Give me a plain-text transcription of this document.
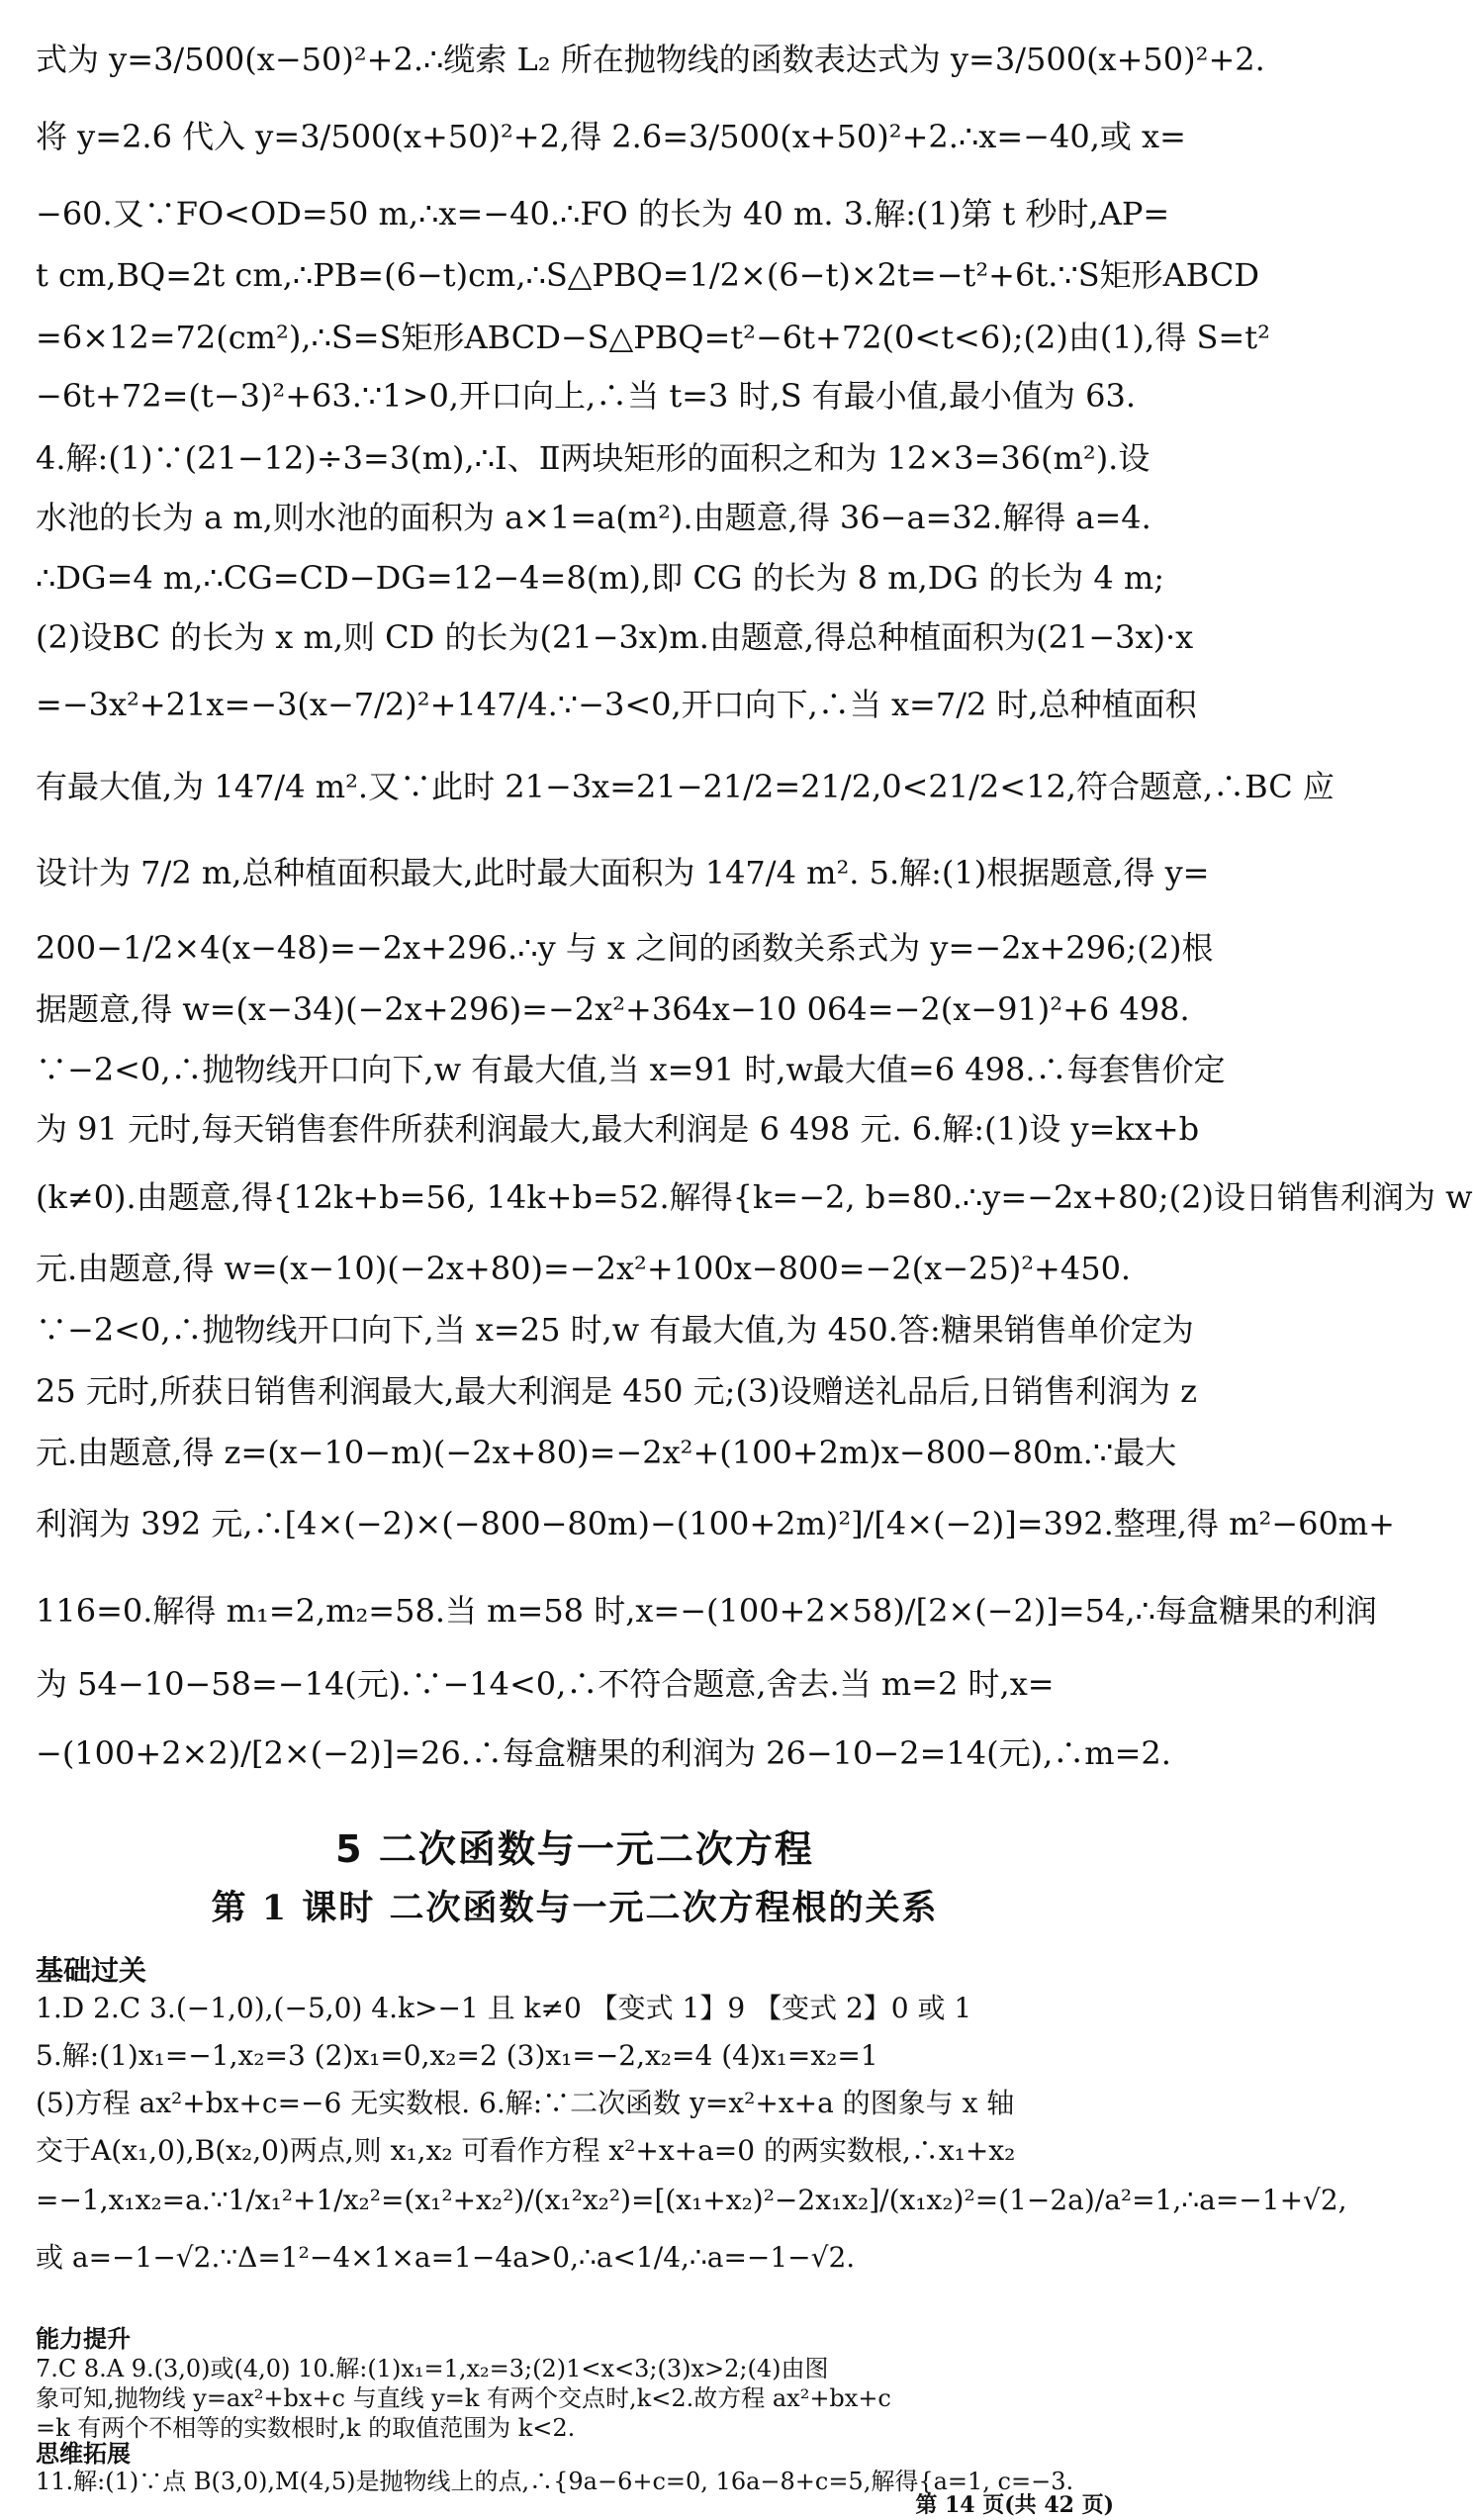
式为 y=3/500(x−50)²+2.∴缆索 L₂ 所在抛物线的函数表达式为 y=3/500(x+50)²+2.
将 y=2.6 代入 y=3/500(x+50)²+2,得 2.6=3/500(x+50)²+2.∴x=−40,或 x=
−60.又∵FO<OD=50 m,∴x=−40.∴FO 的长为 40 m. 3.解:(1)第 t 秒时,AP=
t cm,BQ=2t cm,∴PB=(6−t)cm,∴S△PBQ=1/2×(6−t)×2t=−t²+6t.∵S矩形ABCD
=6×12=72(cm²),∴S=S矩形ABCD−S△PBQ=t²−6t+72(0<t<6);(2)由(1),得 S=t²
−6t+72=(t−3)²+63.∵1>0,开口向上,∴当 t=3 时,S 有最小值,最小值为 63.
4.解:(1)∵(21−12)÷3=3(m),∴Ⅰ、Ⅱ两块矩形的面积之和为 12×3=36(m²).设
水池的长为 a m,则水池的面积为 a×1=a(m²).由题意,得 36−a=32.解得 a=4.
∴DG=4 m,∴CG=CD−DG=12−4=8(m),即 CG 的长为 8 m,DG 的长为 4 m;
(2)设BC 的长为 x m,则 CD 的长为(21−3x)m.由题意,得总种植面积为(21−3x)·x
=−3x²+21x=−3(x−7/2)²+147/4.∵−3<0,开口向下,∴当 x=7/2 时,总种植面积
有最大值,为 147/4 m².又∵此时 21−3x=21−21/2=21/2,0<21/2<12,符合题意,∴BC 应
设计为 7/2 m,总种植面积最大,此时最大面积为 147/4 m². 5.解:(1)根据题意,得 y=
200−1/2×4(x−48)=−2x+296.∴y 与 x 之间的函数关系式为 y=−2x+296;(2)根
据题意,得 w=(x−34)(−2x+296)=−2x²+364x−10 064=−2(x−91)²+6 498.
∵−2<0,∴抛物线开口向下,w 有最大值,当 x=91 时,w最大值=6 498.∴每套售价定
为 91 元时,每天销售套件所获利润最大,最大利润是 6 498 元. 6.解:(1)设 y=kx+b
(k≠0).由题意,得{12k+b=56, 14k+b=52.解得{k=−2, b=80.∴y=−2x+80;(2)设日销售利润为 w
元.由题意,得 w=(x−10)(−2x+80)=−2x²+100x−800=−2(x−25)²+450.
∵−2<0,∴抛物线开口向下,当 x=25 时,w 有最大值,为 450.答:糖果销售单价定为
25 元时,所获日销售利润最大,最大利润是 450 元;(3)设赠送礼品后,日销售利润为 z
元.由题意,得 z=(x−10−m)(−2x+80)=−2x²+(100+2m)x−800−80m.∵最大
利润为 392 元,∴[4×(−2)×(−800−80m)−(100+2m)²]/[4×(−2)]=392.整理,得 m²−60m+
116=0.解得 m₁=2,m₂=58.当 m=58 时,x=−(100+2×58)/[2×(−2)]=54,∴每盒糖果的利润
为 54−10−58=−14(元).∵−14<0,∴不符合题意,舍去.当 m=2 时,x=
−(100+2×2)/[2×(−2)]=26.∴每盒糖果的利润为 26−10−2=14(元),∴m=2.
5 二次函数与一元二次方程
第 1 课时 二次函数与一元二次方程根的关系
基础过关
1.D 2.C 3.(−1,0),(−5,0) 4.k>−1 且 k≠0 【变式 1】9 【变式 2】0 或 1
5.解:(1)x₁=−1,x₂=3 (2)x₁=0,x₂=2 (3)x₁=−2,x₂=4 (4)x₁=x₂=1
(5)方程 ax²+bx+c=−6 无实数根. 6.解:∵二次函数 y=x²+x+a 的图象与 x 轴
交于A(x₁,0),B(x₂,0)两点,则 x₁,x₂ 可看作方程 x²+x+a=0 的两实数根,∴x₁+x₂
=−1,x₁x₂=a.∵1/x₁²+1/x₂²=(x₁²+x₂²)/(x₁²x₂²)=[(x₁+x₂)²−2x₁x₂]/(x₁x₂)²=(1−2a)/a²=1,∴a=−1+√2,
或 a=−1−√2.∵Δ=1²−4×1×a=1−4a>0,∴a<1/4,∴a=−1−√2.
能力提升
7.C 8.A 9.(3,0)或(4,0) 10.解:(1)x₁=1,x₂=3;(2)1<x<3;(3)x>2;(4)由图
象可知,抛物线 y=ax²+bx+c 与直线 y=k 有两个交点时,k<2.故方程 ax²+bx+c
=k 有两个不相等的实数根时,k 的取值范围为 k<2.
思维拓展
11.解:(1)∵点 B(3,0),M(4,5)是抛物线上的点,∴{9a−6+c=0, 16a−8+c=5,解得{a=1, c=−3.
第 14 页(共 42 页)
